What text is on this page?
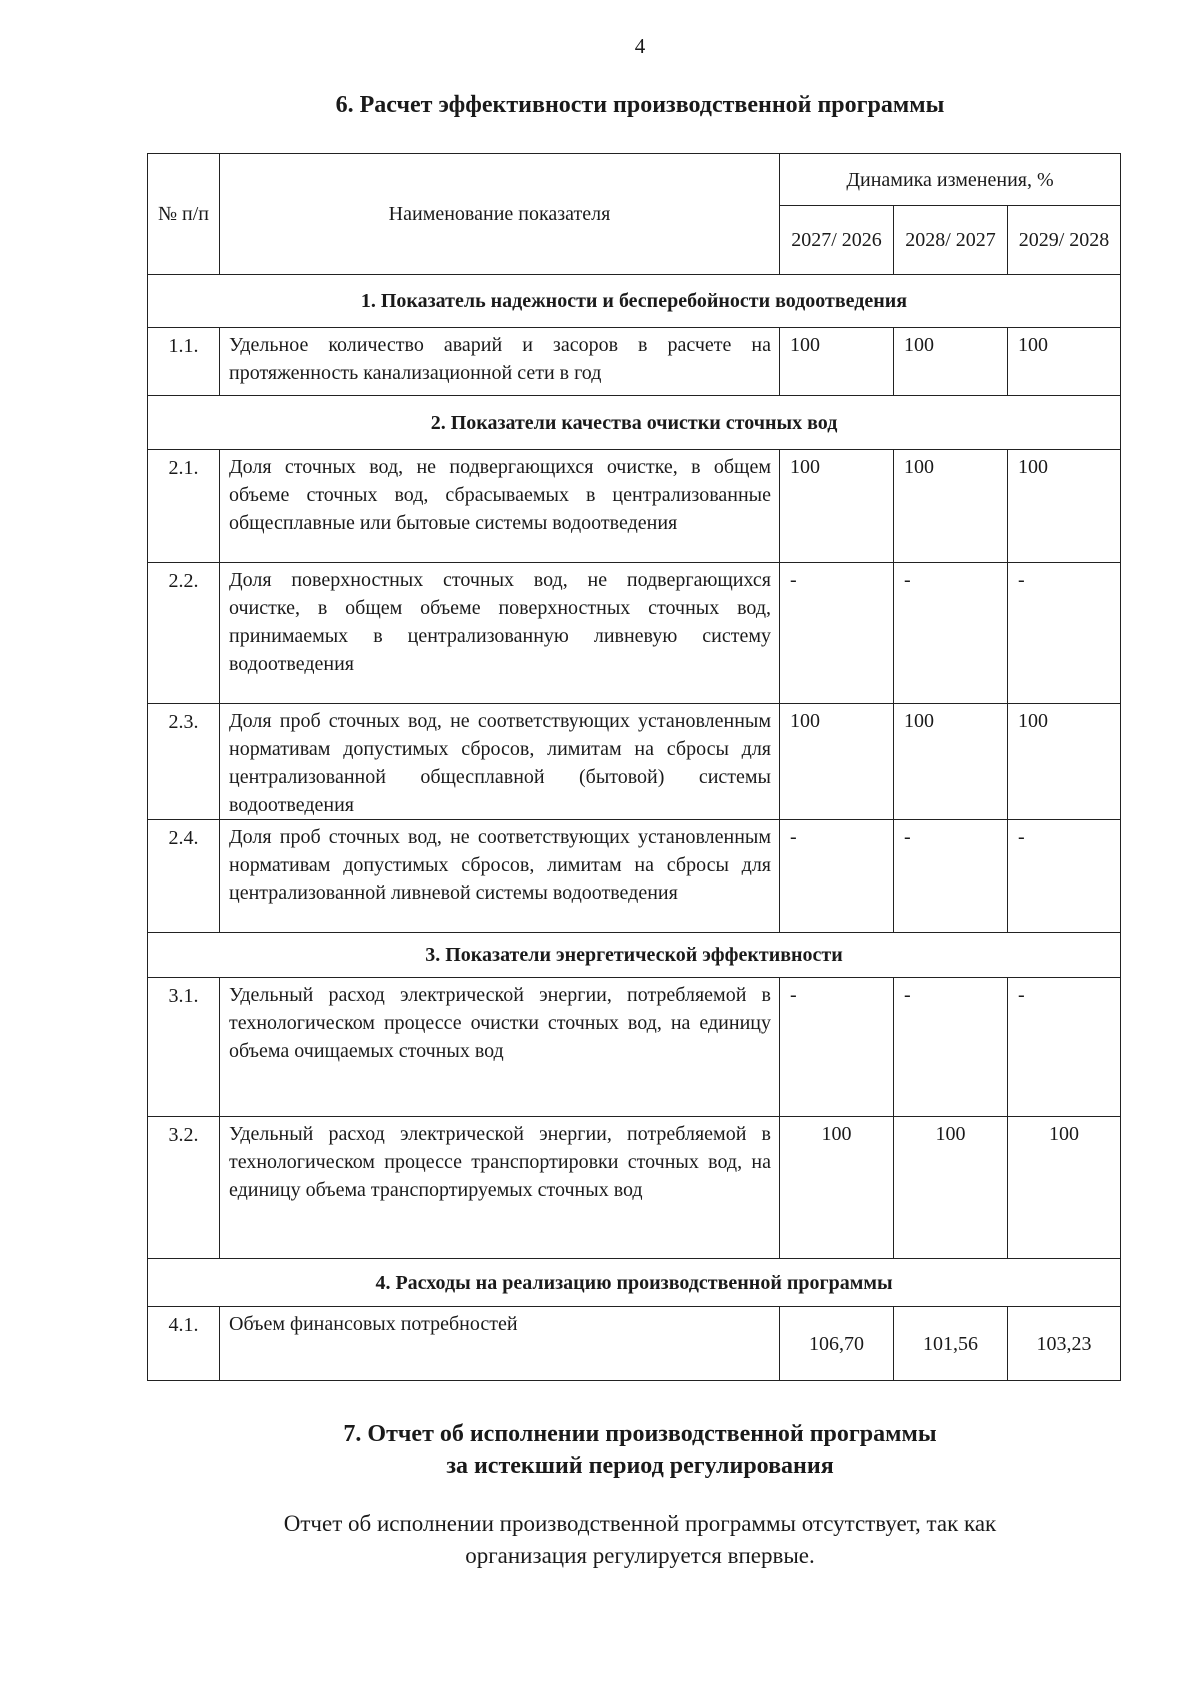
4
6. Расчет эффективности производственной программы
№ п/п	Наименование показателя	Динамика изменения, %		
		2027/ 2026	2028/ 2027	2029/ 2028
1. Показатель надежности и бесперебойности водоотведения				
1.1.	Удельное количество аварий и засоров в расчете на протяженность канализационной сети в год	100	100	100
2. Показатели качества очистки сточных вод				
2.1.	Доля сточных вод, не подвергающихся очистке, в общем объеме сточных вод, сбрасываемых в централизованные общесплавные или бытовые системы водоотведения	100	100	100
2.2.	Доля поверхностных сточных вод, не подвергающихся очистке, в общем объеме поверхностных сточных вод, принимаемых в централизованную ливневую систему водоотведения	-	-	-
2.3.	Доля проб сточных вод, не соответствующих установленным нормативам допустимых сбросов, лимитам на сбросы для централизованной общесплавной (бытовой) системы водоотведения	100	100	100
2.4.	Доля проб сточных вод, не соответствующих установленным нормативам допустимых сбросов, лимитам на сбросы для централизованной ливневой системы водоотведения	-	-	-
3. Показатели энергетической эффективности				
3.1.	Удельный расход электрической энергии, потребляемой в технологическом процессе очистки сточных вод, на единицу объема очищаемых сточных вод	-	-	-
3.2.	Удельный расход электрической энергии, потребляемой в технологическом процессе транспортировки сточных вод, на единицу объема транспортируемых сточных вод	100	100	100
4. Расходы на реализацию производственной программы				
4.1.	Объем финансовых потребностей	106,70	101,56	103,23
7. Отчет об исполнении производственной программы
за истекший период регулирования
Отчет об исполнении производственной программы отсутствует, так как
организация регулируется впервые.
